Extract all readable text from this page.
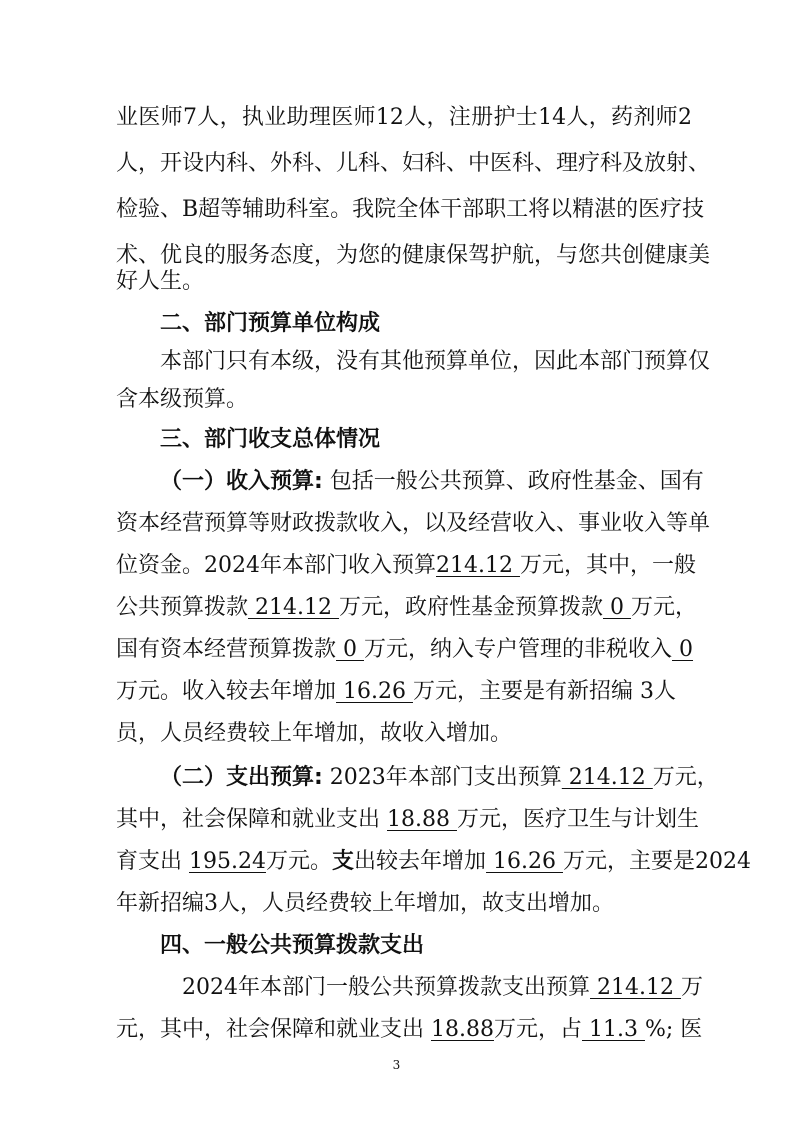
业医师7人，执业助理医师12人，注册护士14人，药剂师2
人，开设内科、外科、儿科、妇科、中医科、理疗科及放射、
检验、B超等辅助科室。我院全体干部职工将以精湛的医疗技
术、优良的服务态度，为您的健康保驾护航，与您共创健康美
好人生。
二、部门预算单位构成
本部门只有本级，没有其他预算单位，因此本部门预算仅
含本级预算。
三、部门收支总体情况
（一）收入预算: 包括一般公共预算、政府性基金、国有
资本经营预算等财政拨款收入，以及经营收入、事业收入等单
位资金。2024年本部门收入预算214.12 万元，其中，一般
公共预算拨款 214.12 万元，政府性基金预算拨款 0 万元，
国有资本经营预算拨款 0 万元，纳入专户管理的非税收入 0
万元。收入较去年增加 16.26 万元，主要是有新招编 3人
员，人员经费较上年增加，故收入增加。
（二）支出预算: 2023年本部门支出预算 214.12 万元，
其中，社会保障和就业支出 18.88 万元，医疗卫生与计划生
育支出 195.24万元。支出较去年增加 16.26 万元，主要是2024
年新招编3人，人员经费较上年增加，故支出增加。
四、一般公共预算拨款支出
2024年本部门一般公共预算拨款支出预算 214.12 万
元，其中，社会保障和就业支出 18.88万元，占 11.3 %; 医
3
